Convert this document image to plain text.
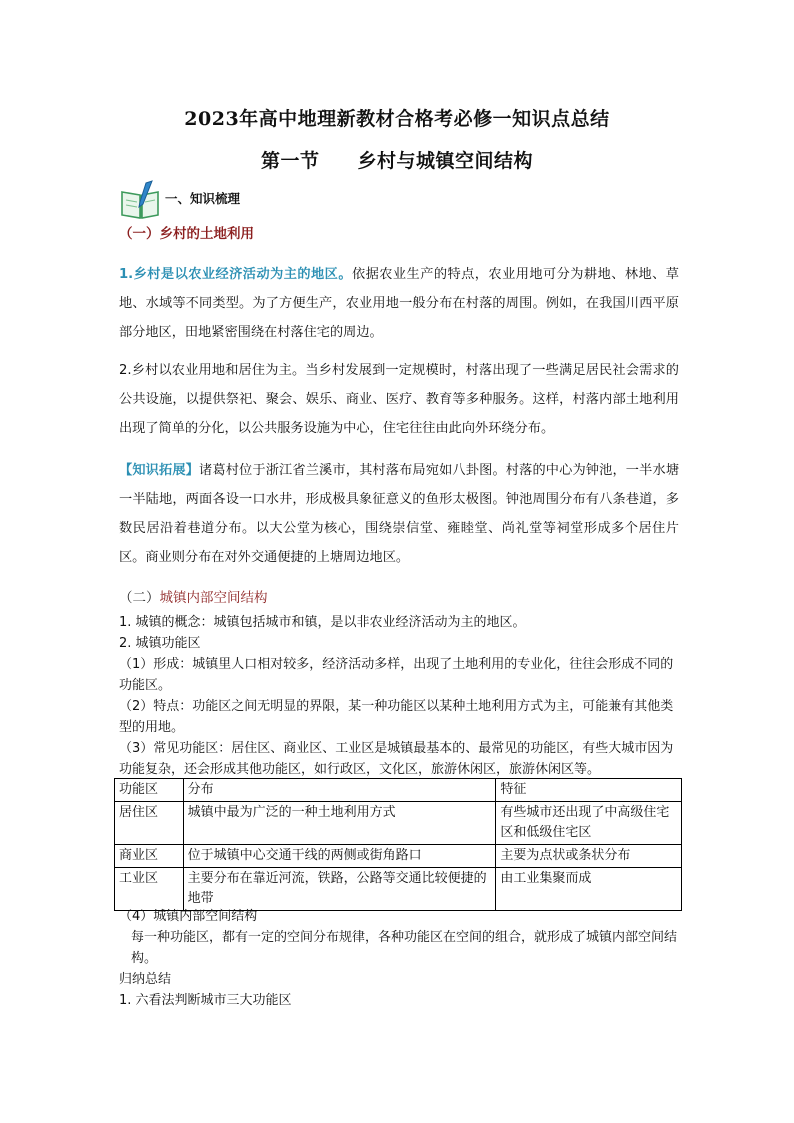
2023年高中地理新教材合格考必修一知识点总结
第一节 乡村与城镇空间结构
一、知识梳理
（一）乡村的土地利用
1.乡村是以农业经济活动为主的地区。依据农业生产的特点，农业用地可分为耕地、林地、草地、水域等不同类型。为了方便生产，农业用地一般分布在村落的周围。例如，在我国川西平原部分地区，田地紧密围绕在村落住宅的周边。
2.乡村以农业用地和居住为主。当乡村发展到一定规模时，村落出现了一些满足居民社会需求的公共设施，以提供祭祀、聚会、娱乐、商业、医疗、教育等多种服务。这样，村落内部土地利用出现了简单的分化，以公共服务设施为中心，住宅往往由此向外环绕分布。
【知识拓展】诸葛村位于浙江省兰溪市，其村落布局宛如八卦图。村落的中心为钟池，一半水塘一半陆地，两面各设一口水井，形成极具象征意义的鱼形太极图。钟池周围分布有八条巷道，多数民居沿着巷道分布。以大公堂为核心，围绕崇信堂、雍睦堂、尚礼堂等祠堂形成多个居住片区。商业则分布在对外交通便捷的上塘周边地区。
（二）城镇内部空间结构
1. 城镇的概念：城镇包括城市和镇，是以非农业经济活动为主的地区。
2. 城镇功能区
（1）形成：城镇里人口相对较多，经济活动多样，出现了土地利用的专业化，往往会形成不同的功能区。
（2）特点：功能区之间无明显的界限，某一种功能区以某种土地利用方式为主，可能兼有其他类型的用地。
（3）常见功能区：居住区、商业区、工业区是城镇最基本的、最常见的功能区，有些大城市因为功能复杂，还会形成其他功能区，如行政区，文化区，旅游休闲区，旅游休闲区等。
功能区	分布	特征
居住区	城镇中最为广泛的一种土地利用方式	有些城市还出现了中高级住宅区和低级住宅区
商业区	位于城镇中心交通干线的两侧或街角路口	主要为点状或条状分布
工业区	主要分布在靠近河流，铁路，公路等交通比较便捷的地带	由工业集聚而成
（4）城镇内部空间结构
每一种功能区，都有一定的空间分布规律，各种功能区在空间的组合，就形成了城镇内部空间结构。
归纳总结
1. 六看法判断城市三大功能区
